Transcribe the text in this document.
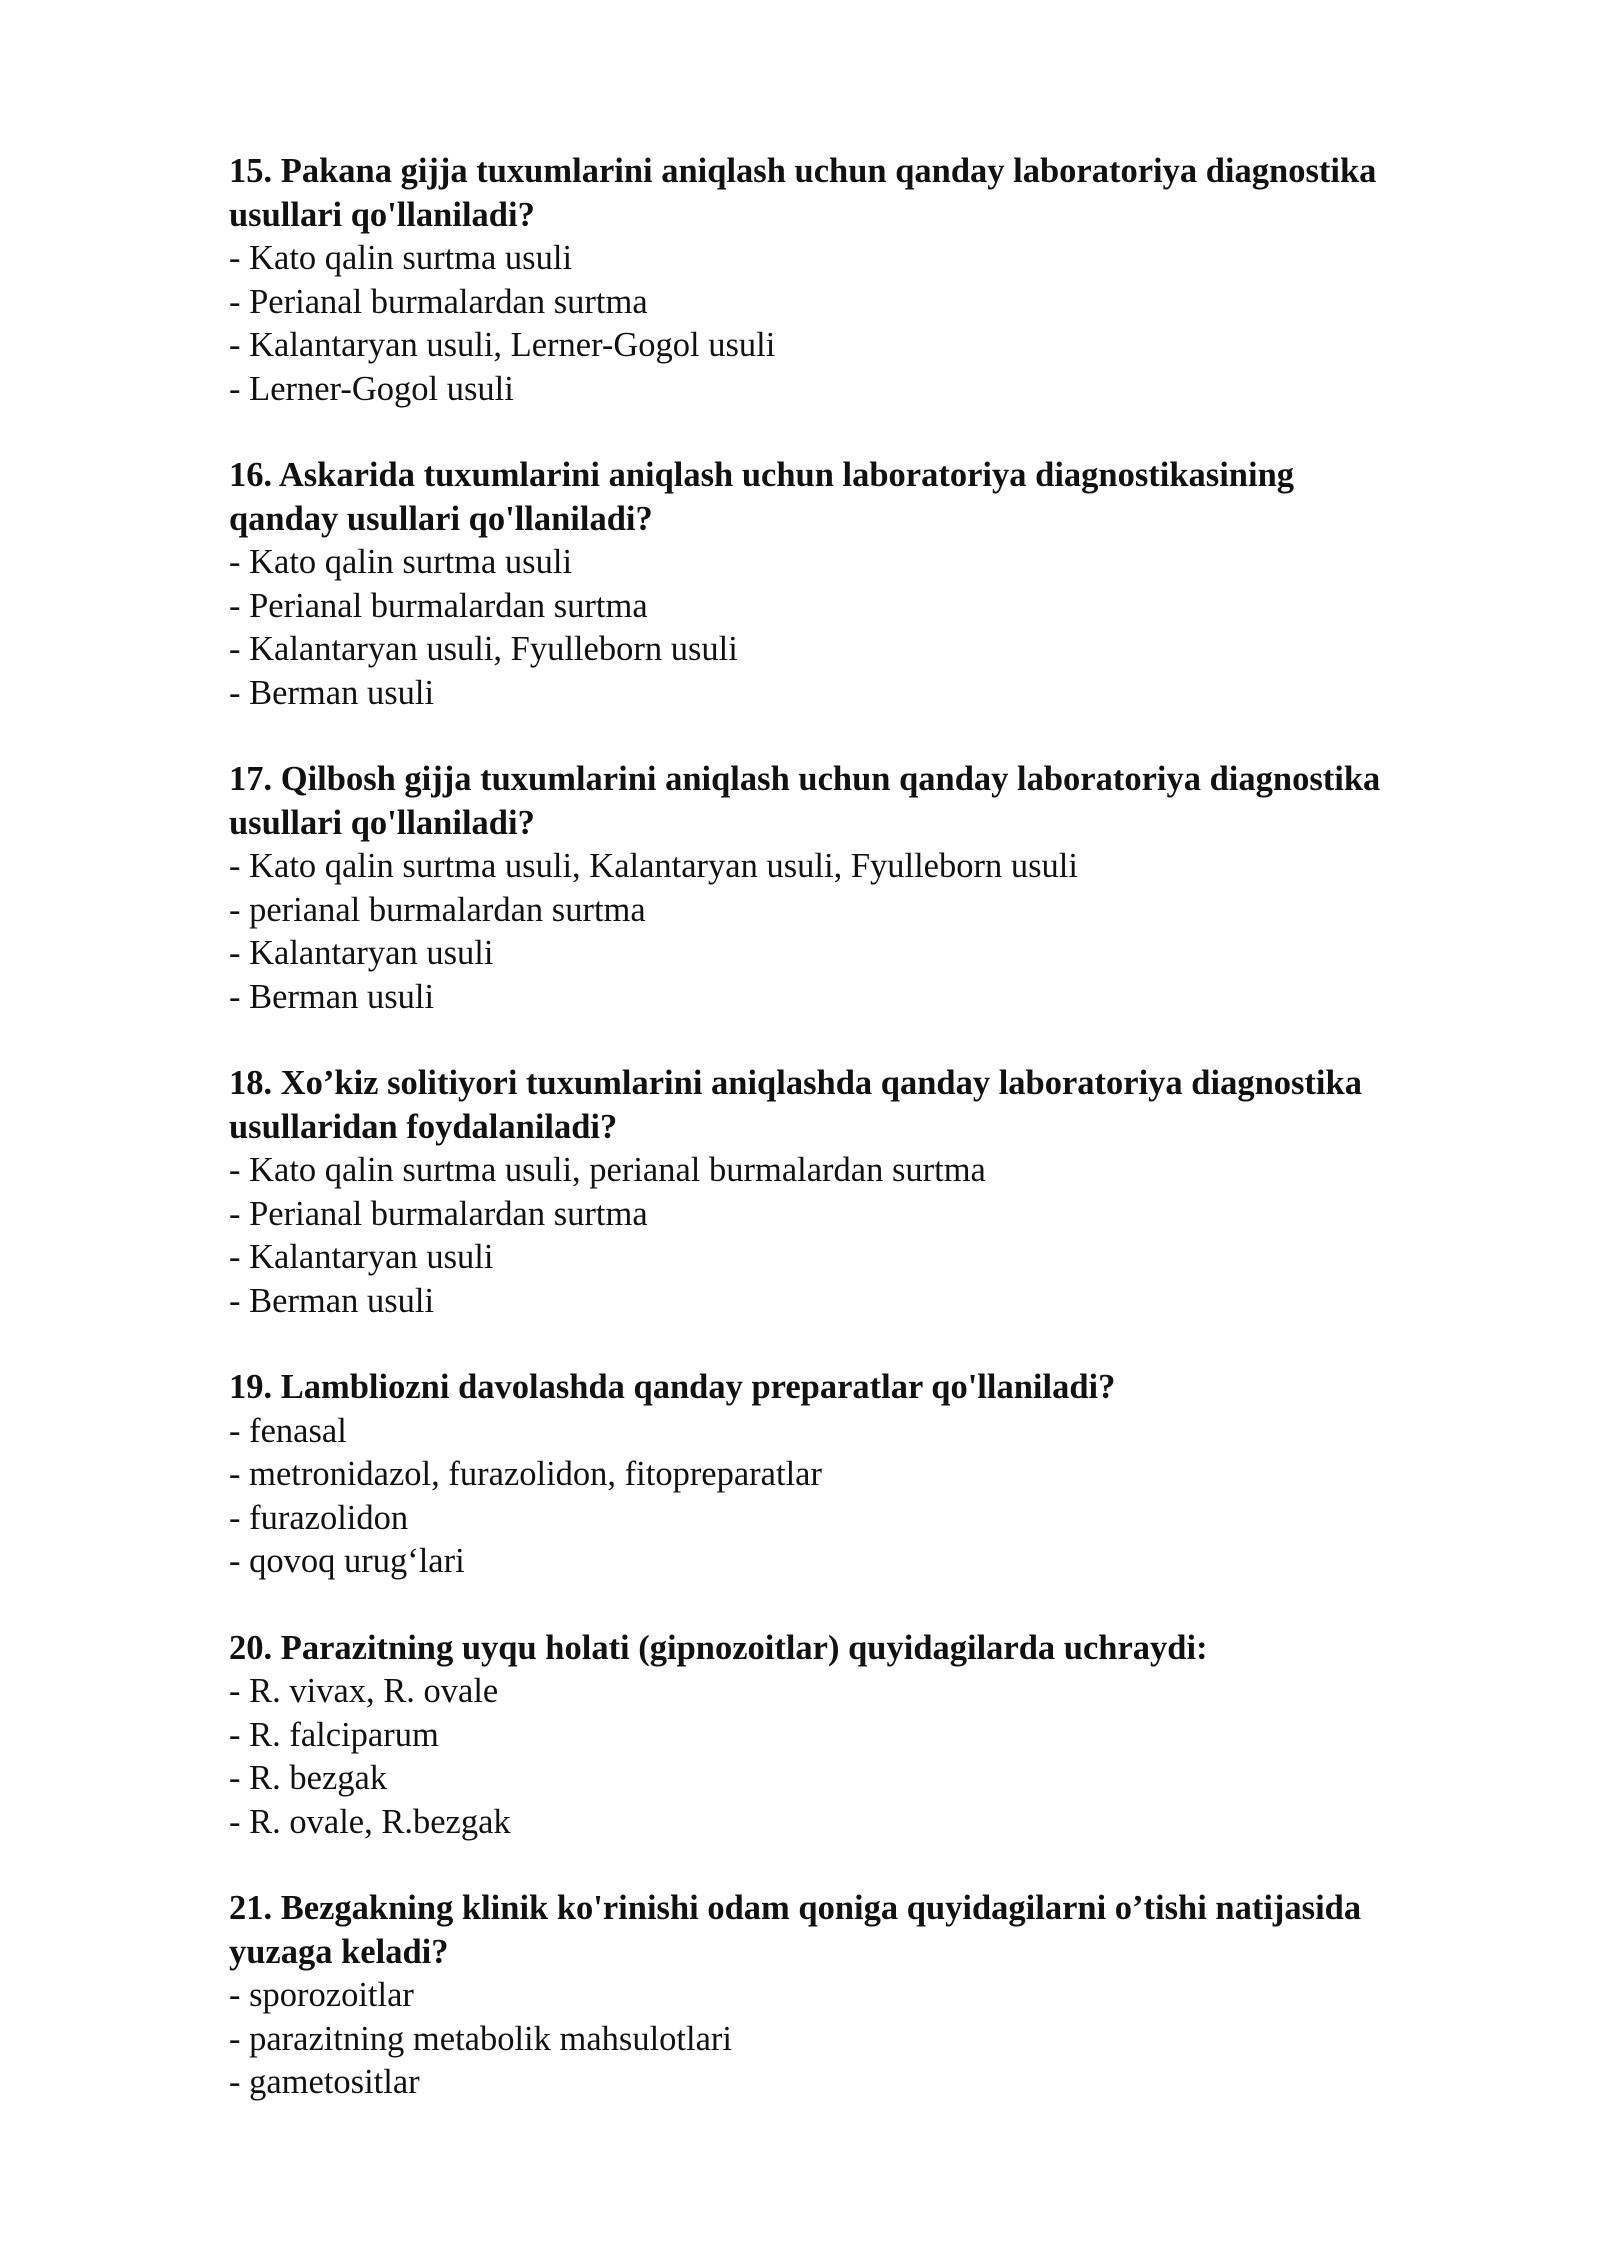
15. Pakana gijja tuxumlarini aniqlash uchun qanday laboratoriya diagnostika
usullari qo'llaniladi?

- Kato qalin surtma usuli
- Perianal burmalardan surtma
- Kalantaryan usuli, Lerner-Gogol usuli
- Lerner-Gogol usuli

16. Askarida tuxumlarini aniqlash uchun laboratoriya diagnostikasining
qanday usullari qo'llaniladi?

- Kato qalin surtma usuli
- Perianal burmalardan surtma
- Kalantaryan usuli, Fyulleborn usuli
- Berman usuli

17. Qilbosh gijja tuxumlarini aniqlash uchun qanday laboratoriya diagnostika
usullari qo'llaniladi?

- Kato qalin surtma usuli, Kalantaryan usuli, Fyulleborn usuli
- perianal burmalardan surtma
- Kalantaryan usuli
- Berman usuli

18. Xo’kiz solitiyori tuxumlarini aniqlashda qanday laboratoriya diagnostika
usullaridan foydalaniladi?

- Kato qalin surtma usuli, perianal burmalardan surtma
- Perianal burmalardan surtma
- Kalantaryan usuli
- Berman usuli

19. Lambliozni davolashda qanday preparatlar qo'llaniladi?

- fenasal
- metronidazol, furazolidon, fitopreparatlar
- furazolidon
- qovoq urug‘lari

20. Parazitning uyqu holati (gipnozoitlar) quyidagilarda uchraydi:

- R. vivax, R. ovale
- R. falciparum
- R. bezgak
- R. ovale, R.bezgak

21. Bezgakning klinik ko'rinishi odam qoniga quyidagilarni o’tishi natijasida
yuzaga keladi?

- sporozoitlar
- parazitning metabolik mahsulotlari
- gametositlar
